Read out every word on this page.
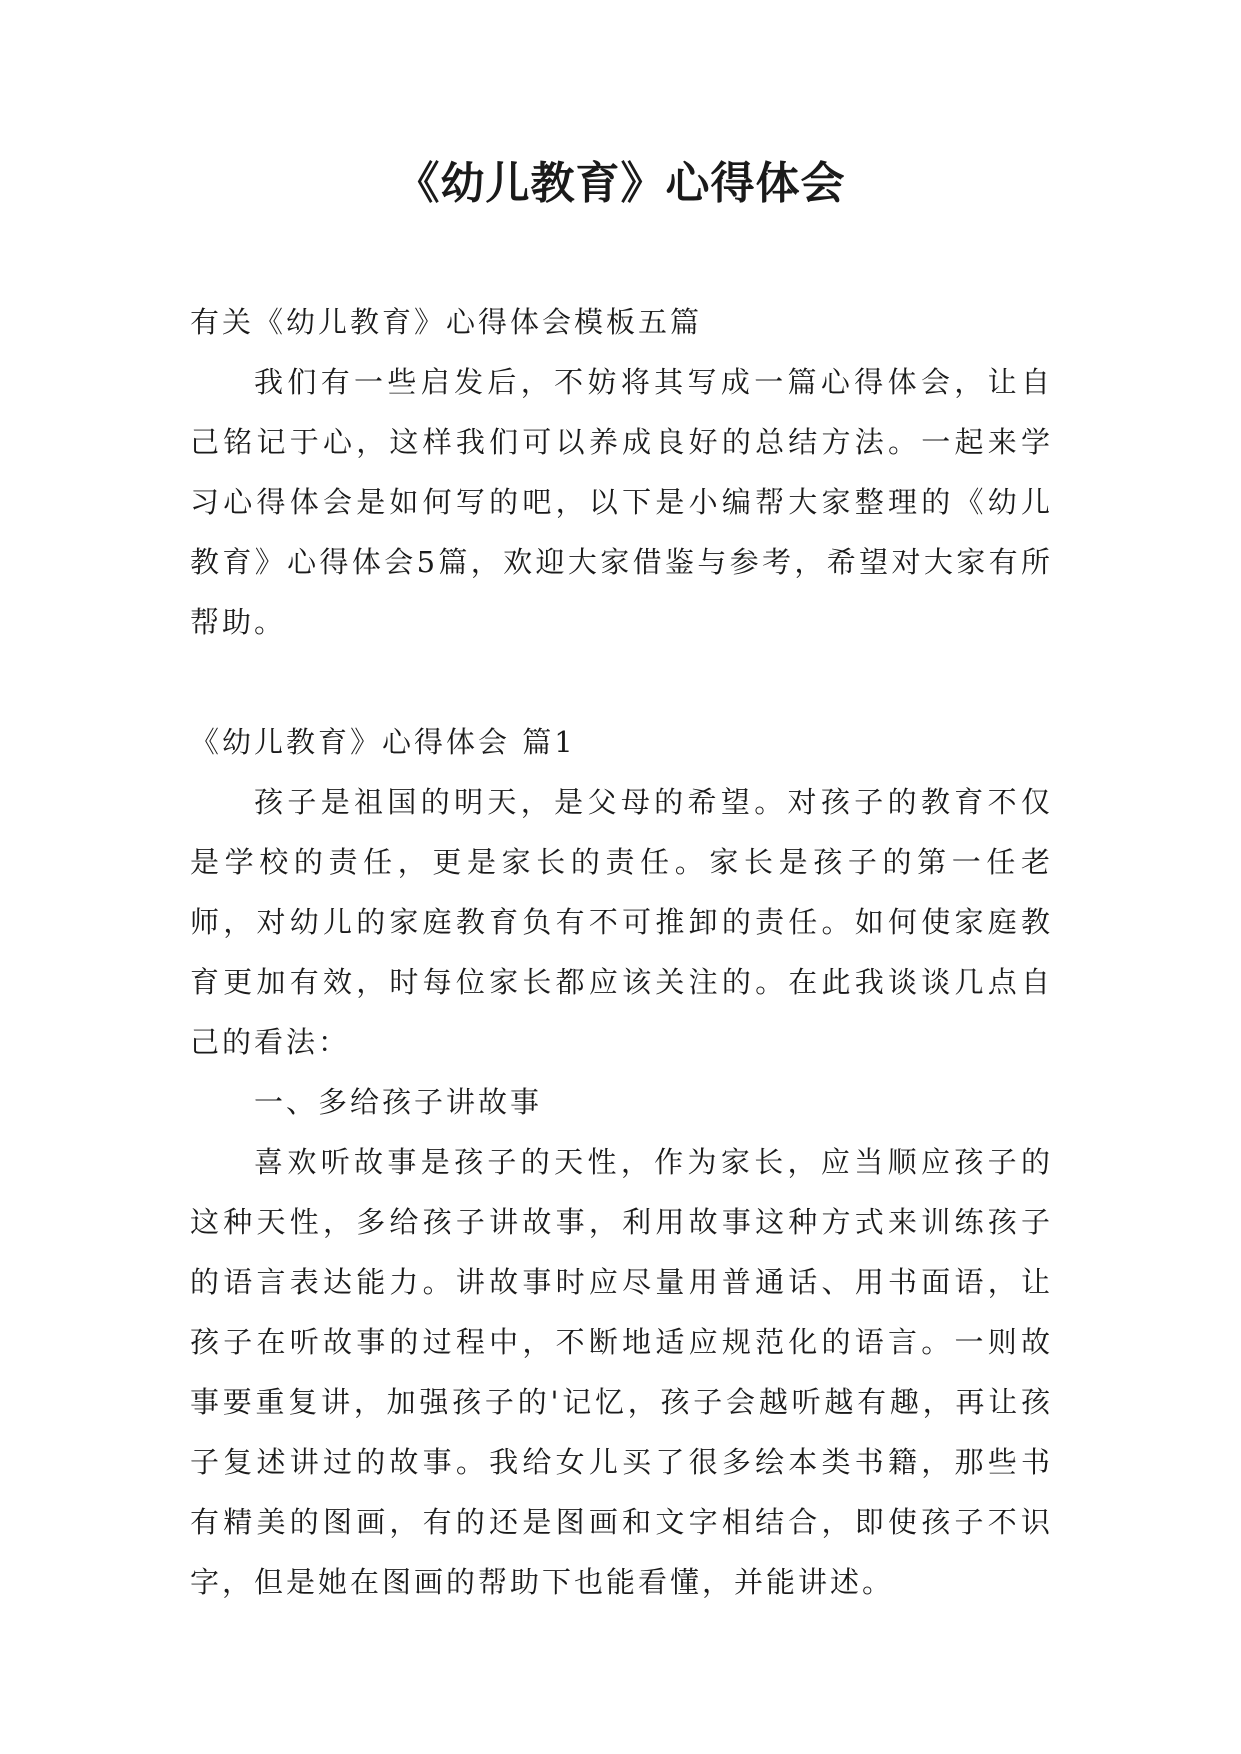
《幼儿教育》心得体会

有关《幼儿教育》心得体会模板五篇

我们有一些启发后，不妨将其写成一篇心得体会，让自己铭记于心，这样我们可以养成良好的总结方法。一起来学习心得体会是如何写的吧，以下是小编帮大家整理的《幼儿教育》心得体会5篇，欢迎大家借鉴与参考，希望对大家有所帮助。

《幼儿教育》心得体会 篇1

孩子是祖国的明天，是父母的希望。对孩子的教育不仅是学校的责任，更是家长的责任。家长是孩子的第一任老师，对幼儿的家庭教育负有不可推卸的责任。如何使家庭教育更加有效，时每位家长都应该关注的。在此我谈谈几点自己的看法：

一、多给孩子讲故事

喜欢听故事是孩子的天性，作为家长，应当顺应孩子的这种天性，多给孩子讲故事，利用故事这种方式来训练孩子的语言表达能力。讲故事时应尽量用普通话、用书面语，让孩子在听故事的过程中，不断地适应规范化的语言。一则故事要重复讲，加强孩子的'记忆，孩子会越听越有趣，再让孩子复述讲过的故事。我给女儿买了很多绘本类书籍，那些书有精美的图画，有的还是图画和文字相结合，即使孩子不识字，但是她在图画的帮助下也能看懂，并能讲述。
